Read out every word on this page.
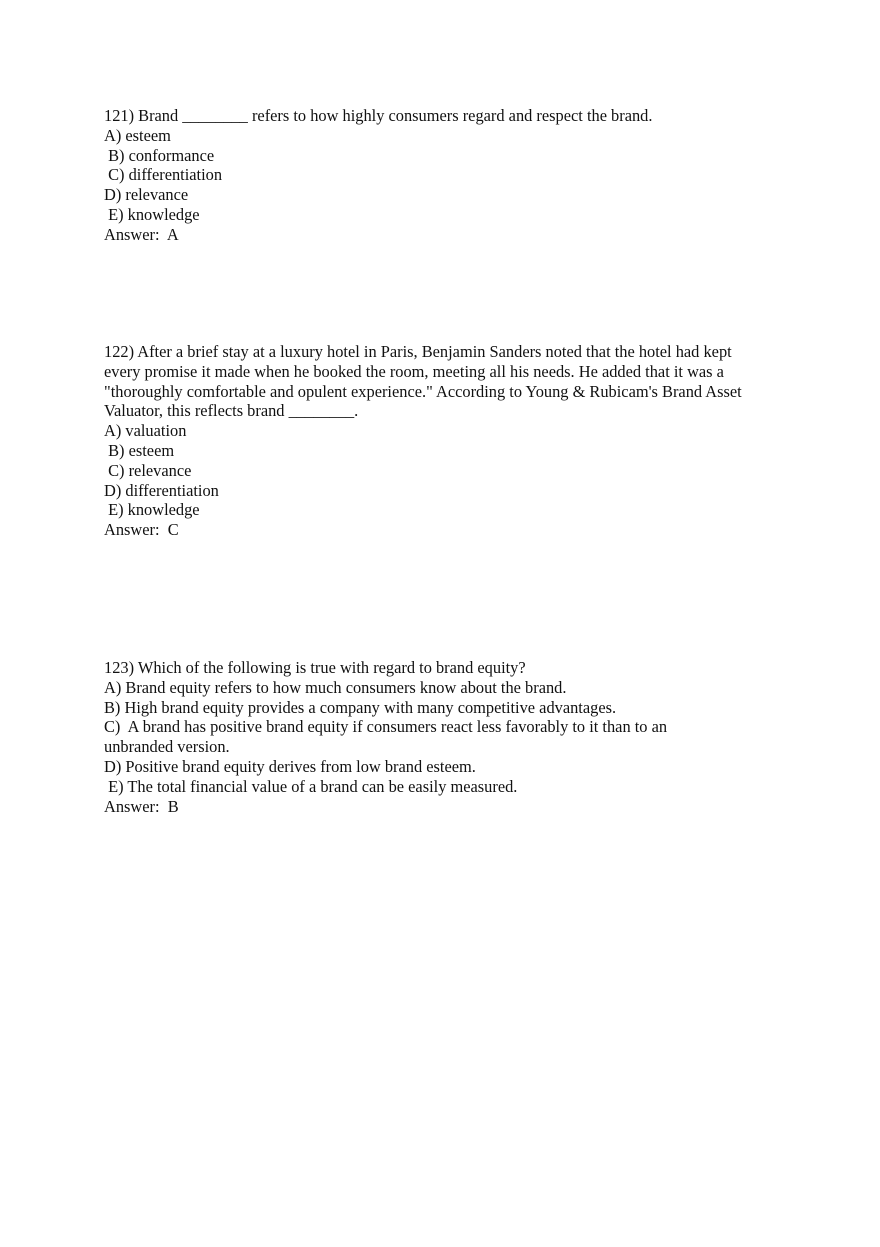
121) Brand ________ refers to how highly consumers regard and respect the brand.
A) esteem
B) conformance
C) differentiation
D) relevance
E) knowledge
Answer:  A
122) After a brief stay at a luxury hotel in Paris, Benjamin Sanders noted that the hotel had kept
every promise it made when he booked the room, meeting all his needs. He added that it was a
"thoroughly comfortable and opulent experience." According to Young & Rubicam's Brand Asset
Valuator, this reflects brand ________.
A) valuation
B) esteem
C) relevance
D) differentiation
E) knowledge
Answer:  C
123) Which of the following is true with regard to brand equity?
A) Brand equity refers to how much consumers know about the brand.
B) High brand equity provides a company with many competitive advantages.
C)  A brand has positive brand equity if consumers react less favorably to it than to an
unbranded version.
D) Positive brand equity derives from low brand esteem.
E) The total financial value of a brand can be easily measured.
Answer:  B
